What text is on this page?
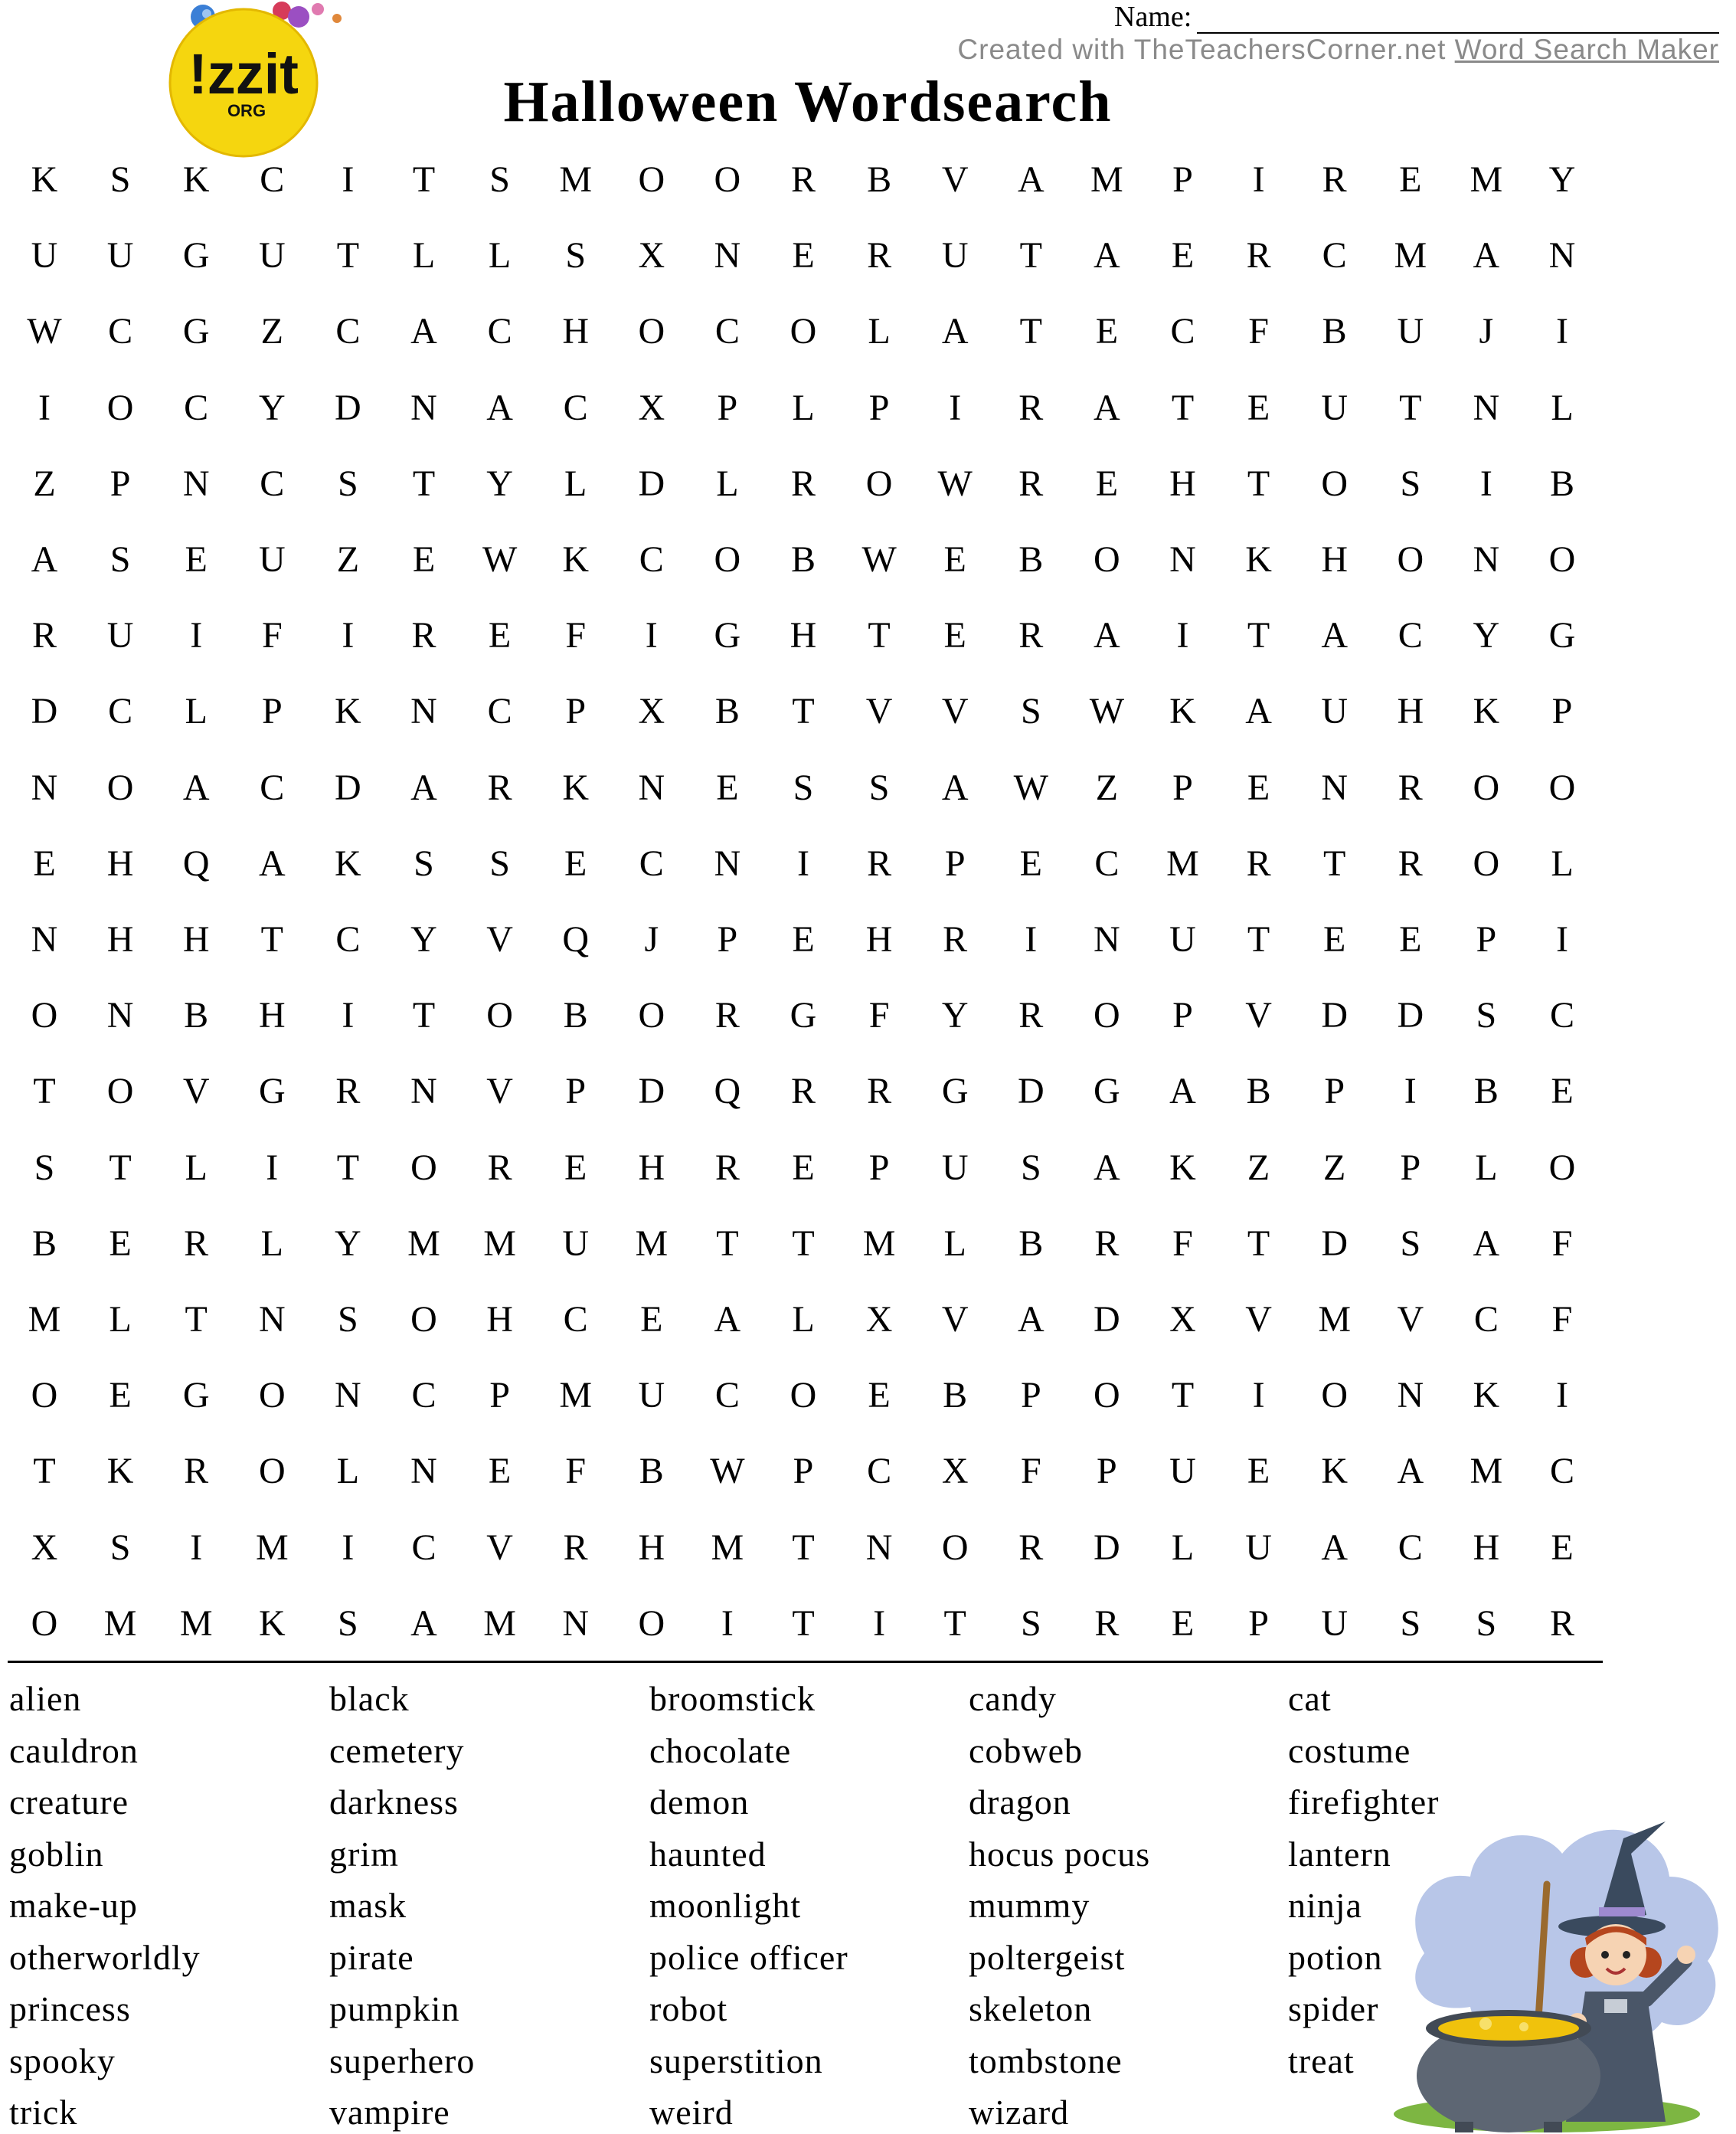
!zzit
ORG
Name:
Created with TheTeachersCorner.net Word Search Maker
Halloween Wordsearch
K	S	K	C	I	T	S	M	O	O	R	B	V	A	M	P	I	R	E	M	Y
U	U	G	U	T	L	L	S	X	N	E	R	U	T	A	E	R	C	M	A	N
W	C	G	Z	C	A	C	H	O	C	O	L	A	T	E	C	F	B	U	J	I
I	O	C	Y	D	N	A	C	X	P	L	P	I	R	A	T	E	U	T	N	L
Z	P	N	C	S	T	Y	L	D	L	R	O	W	R	E	H	T	O	S	I	B
A	S	E	U	Z	E	W	K	C	O	B	W	E	B	O	N	K	H	O	N	O
R	U	I	F	I	R	E	F	I	G	H	T	E	R	A	I	T	A	C	Y	G
D	C	L	P	K	N	C	P	X	B	T	V	V	S	W	K	A	U	H	K	P
N	O	A	C	D	A	R	K	N	E	S	S	A	W	Z	P	E	N	R	O	O
E	H	Q	A	K	S	S	E	C	N	I	R	P	E	C	M	R	T	R	O	L
N	H	H	T	C	Y	V	Q	J	P	E	H	R	I	N	U	T	E	E	P	I
O	N	B	H	I	T	O	B	O	R	G	F	Y	R	O	P	V	D	D	S	C
T	O	V	G	R	N	V	P	D	Q	R	R	G	D	G	A	B	P	I	B	E
S	T	L	I	T	O	R	E	H	R	E	P	U	S	A	K	Z	Z	P	L	O
B	E	R	L	Y	M	M	U	M	T	T	M	L	B	R	F	T	D	S	A	F
M	L	T	N	S	O	H	C	E	A	L	X	V	A	D	X	V	M	V	C	F
O	E	G	O	N	C	P	M	U	C	O	E	B	P	O	T	I	O	N	K	I
T	K	R	O	L	N	E	F	B	W	P	C	X	F	P	U	E	K	A	M	C
X	S	I	M	I	C	V	R	H	M	T	N	O	R	D	L	U	A	C	H	E
O	M	M	K	S	A	M	N	O	I	T	I	T	S	R	E	P	U	S	S	R
alien
cauldron
creature
goblin
make-up
otherworldly
princess
spooky
trick
black
cemetery
darkness
grim
mask
pirate
pumpkin
superhero
vampire
broomstick
chocolate
demon
haunted
moonlight
police officer
robot
superstition
weird
candy
cobweb
dragon
hocus pocus
mummy
poltergeist
skeleton
tombstone
wizard
cat
costume
firefighter
lantern
ninja
potion
spider
treat
